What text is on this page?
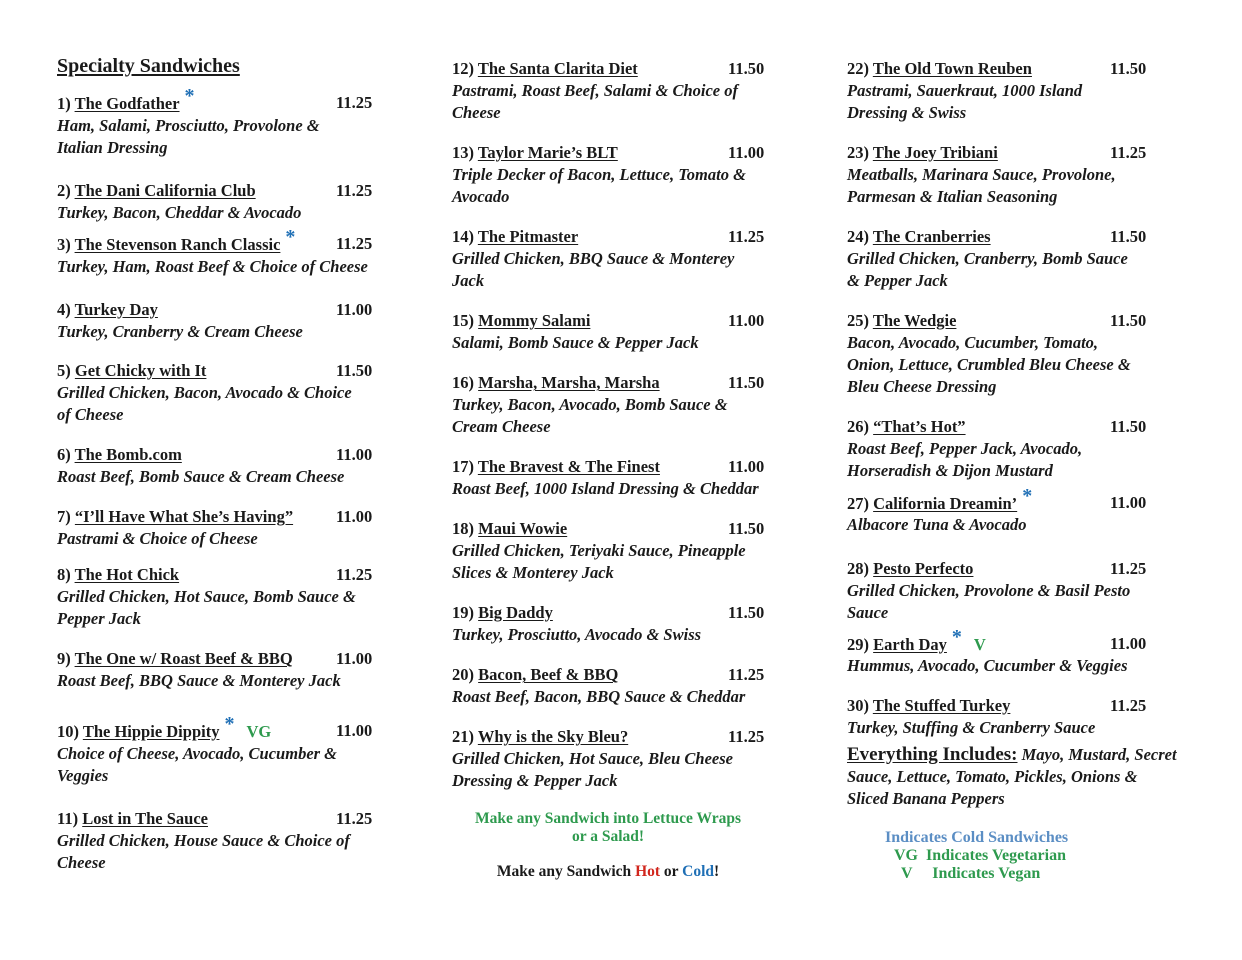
Specialty Sandwiches
1) The Godfather *	11.25
Ham, Salami, Prosciutto, Provolone &
Italian Dressing
2) The Dani California Club	11.25
Turkey, Bacon, Cheddar & Avocado
3) The Stevenson Ranch Classic * 11.25
Turkey, Ham, Roast Beef & Choice of Cheese
4) Turkey Day	11.00
Turkey, Cranberry & Cream Cheese
5) Get Chicky with It	11.50
Grilled Chicken, Bacon, Avocado & Choice
of Cheese
6) The Bomb.com	11.00
Roast Beef, Bomb Sauce & Cream Cheese
7) “I’ll Have What She’s Having”	11.00
Pastrami & Choice of Cheese
8) The Hot Chick	11.25
Grilled Chicken, Hot Sauce, Bomb Sauce &
Pepper Jack
9) The One w/ Roast Beef & BBQ	11.00
Roast Beef, BBQ Sauce & Monterey Jack
10) The Hippie Dippity * VG	11.00
Choice of Cheese, Avocado, Cucumber &
Veggies
11) Lost in The Sauce	11.25
Grilled Chicken, House Sauce & Choice of
Cheese
12) The Santa Clarita Diet	11.50
Pastrami, Roast Beef, Salami & Choice of
Cheese
13) Taylor Marie’s BLT	11.00
Triple Decker of Bacon, Lettuce, Tomato &
Avocado
14) The Pitmaster	11.25
Grilled Chicken, BBQ Sauce & Monterey
Jack
15) Mommy Salami	11.00
Salami, Bomb Sauce & Pepper Jack
16) Marsha, Marsha, Marsha	11.50
Turkey, Bacon, Avocado, Bomb Sauce &
Cream Cheese
17) The Bravest & The Finest	11.00
Roast Beef, 1000 Island Dressing & Cheddar
18) Maui Wowie	11.50
Grilled Chicken, Teriyaki Sauce, Pineapple
Slices & Monterey Jack
19) Big Daddy	11.50
Turkey, Prosciutto, Avocado & Swiss
20) Bacon, Beef & BBQ	11.25
Roast Beef, Bacon, BBQ Sauce & Cheddar
21) Why is the Sky Bleu?	11.25
Grilled Chicken, Hot Sauce, Bleu Cheese
Dressing & Pepper Jack
22) The Old Town Reuben	11.50
Pastrami, Sauerkraut, 1000 Island
Dressing & Swiss
23) The Joey Tribiani	11.25
Meatballs, Marinara Sauce, Provolone,
Parmesan & Italian Seasoning
24) The Cranberries	11.50
Grilled Chicken, Cranberry, Bomb Sauce
& Pepper Jack
25) The Wedgie	11.50
Bacon, Avocado, Cucumber, Tomato,
Onion, Lettuce, Crumbled Bleu Cheese &
Bleu Cheese Dressing
26) “That’s Hot”	11.50
Roast Beef, Pepper Jack, Avocado,
Horseradish & Dijon Mustard
27) California Dreamin’ *	11.00
Albacore Tuna & Avocado
28) Pesto Perfecto	11.25
Grilled Chicken, Provolone & Basil Pesto
Sauce
29) Earth Day * V	11.00
Hummus, Avocado, Cucumber & Veggies
30) The Stuffed Turkey	11.25
Turkey, Stuffing & Cranberry Sauce
Make any Sandwich into Lettuce Wraps
or a Salad!
Make any Sandwich Hot or Cold!
Everything Includes: Mayo, Mustard, Secret Sauce, Lettuce, Tomato, Pickles, Onions & Sliced Banana Peppers
Indicates Cold Sandwiches
VG  Indicates Vegetarian
V     Indicates Vegan
